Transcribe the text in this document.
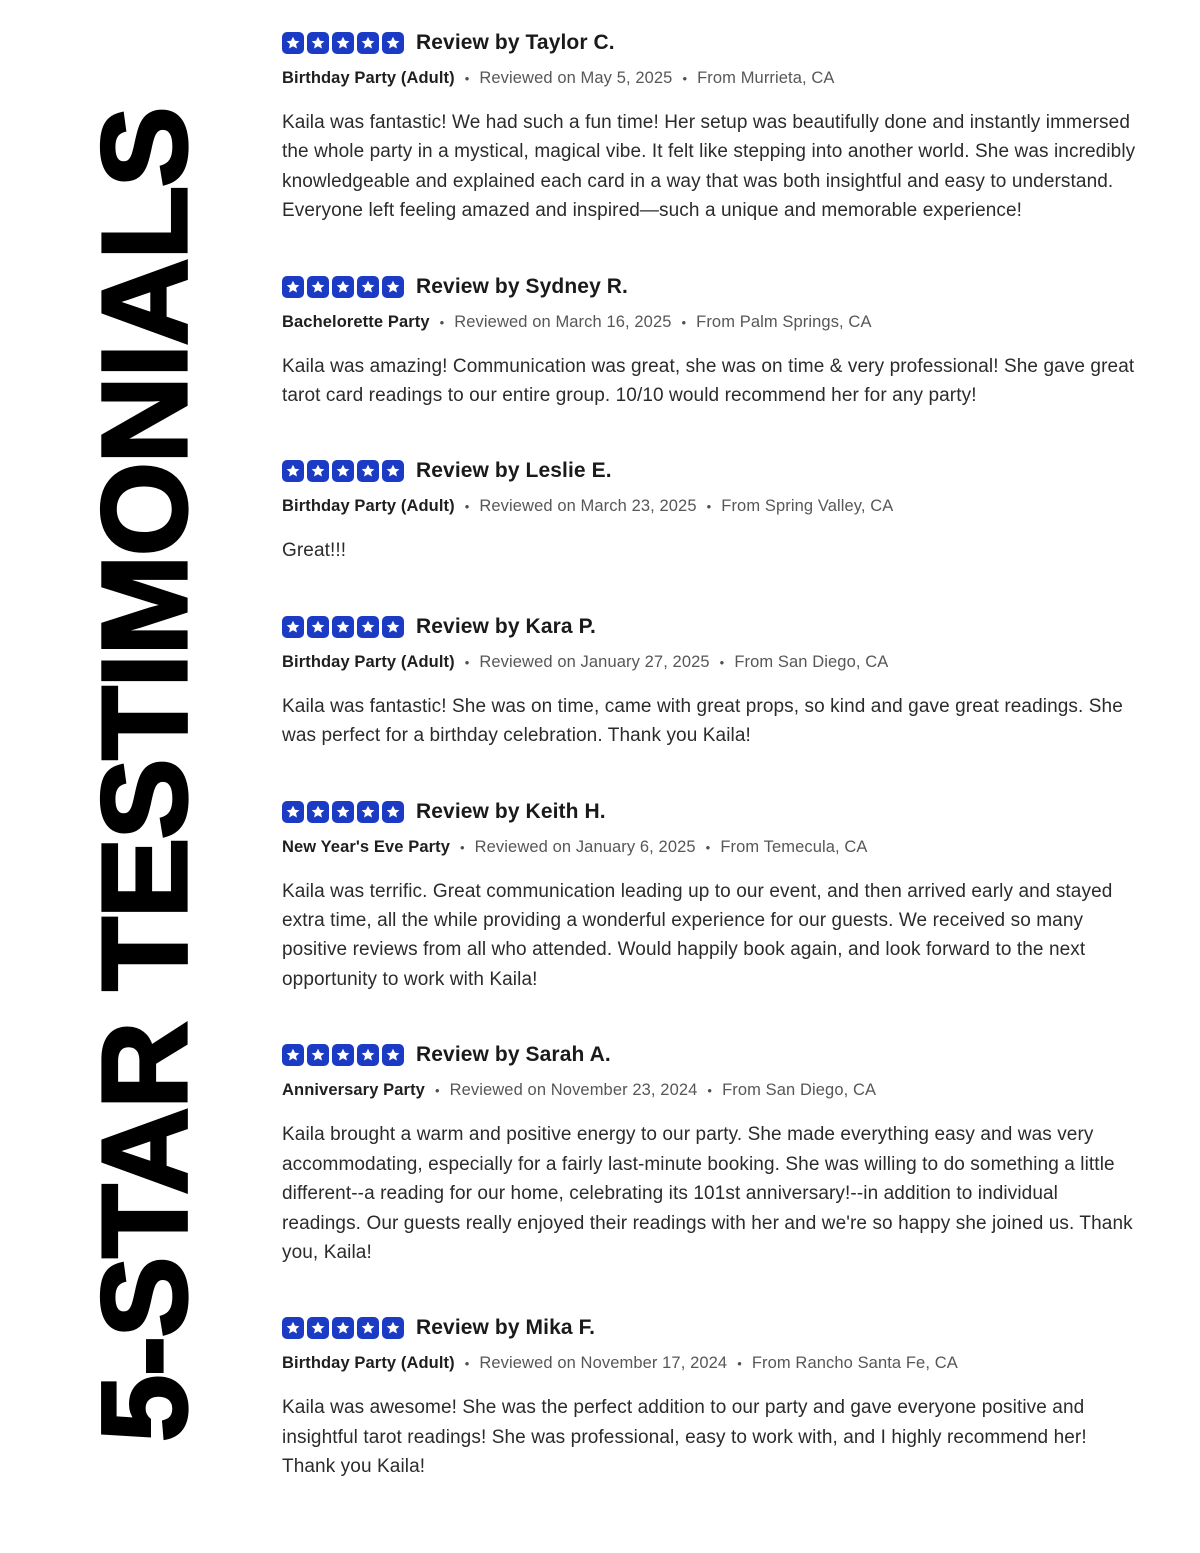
5-STAR TESTIMONIALS
Review by Taylor C.
Birthday Party (Adult) • Reviewed on May 5, 2025 • From Murrieta, CA

Kaila was fantastic! We had such a fun time! Her setup was beautifully done and instantly immersed the whole party in a mystical, magical vibe. It felt like stepping into another world. She was incredibly knowledgeable and explained each card in a way that was both insightful and easy to understand. Everyone left feeling amazed and inspired—such a unique and memorable experience!

Review by Sydney R.
Bachelorette Party • Reviewed on March 16, 2025 • From Palm Springs, CA

Kaila was amazing! Communication was great, she was on time & very professional! She gave great tarot card readings to our entire group. 10/10 would recommend her for any party!

Review by Leslie E.
Birthday Party (Adult) • Reviewed on March 23, 2025 • From Spring Valley, CA

Great!!!

Review by Kara P.
Birthday Party (Adult) • Reviewed on January 27, 2025 • From San Diego, CA

Kaila was fantastic! She was on time, came with great props, so kind and gave great readings. She was perfect for a birthday celebration. Thank you Kaila!

Review by Keith H.
New Year's Eve Party • Reviewed on January 6, 2025 • From Temecula, CA

Kaila was terrific. Great communication leading up to our event, and then arrived early and stayed extra time, all the while providing a wonderful experience for our guests. We received so many positive reviews from all who attended. Would happily book again, and look forward to the next opportunity to work with Kaila!

Review by Sarah A.
Anniversary Party • Reviewed on November 23, 2024 • From San Diego, CA

Kaila brought a warm and positive energy to our party. She made everything easy and was very accommodating, especially for a fairly last-minute booking. She was willing to do something a little different--a reading for our home, celebrating its 101st anniversary!--in addition to individual readings. Our guests really enjoyed their readings with her and we're so happy she joined us. Thank you, Kaila!

Review by Mika F.
Birthday Party (Adult) • Reviewed on November 17, 2024 • From Rancho Santa Fe, CA

Kaila was awesome! She was the perfect addition to our party and gave everyone positive and insightful tarot readings! She was professional, easy to work with, and I highly recommend her! Thank you Kaila!
